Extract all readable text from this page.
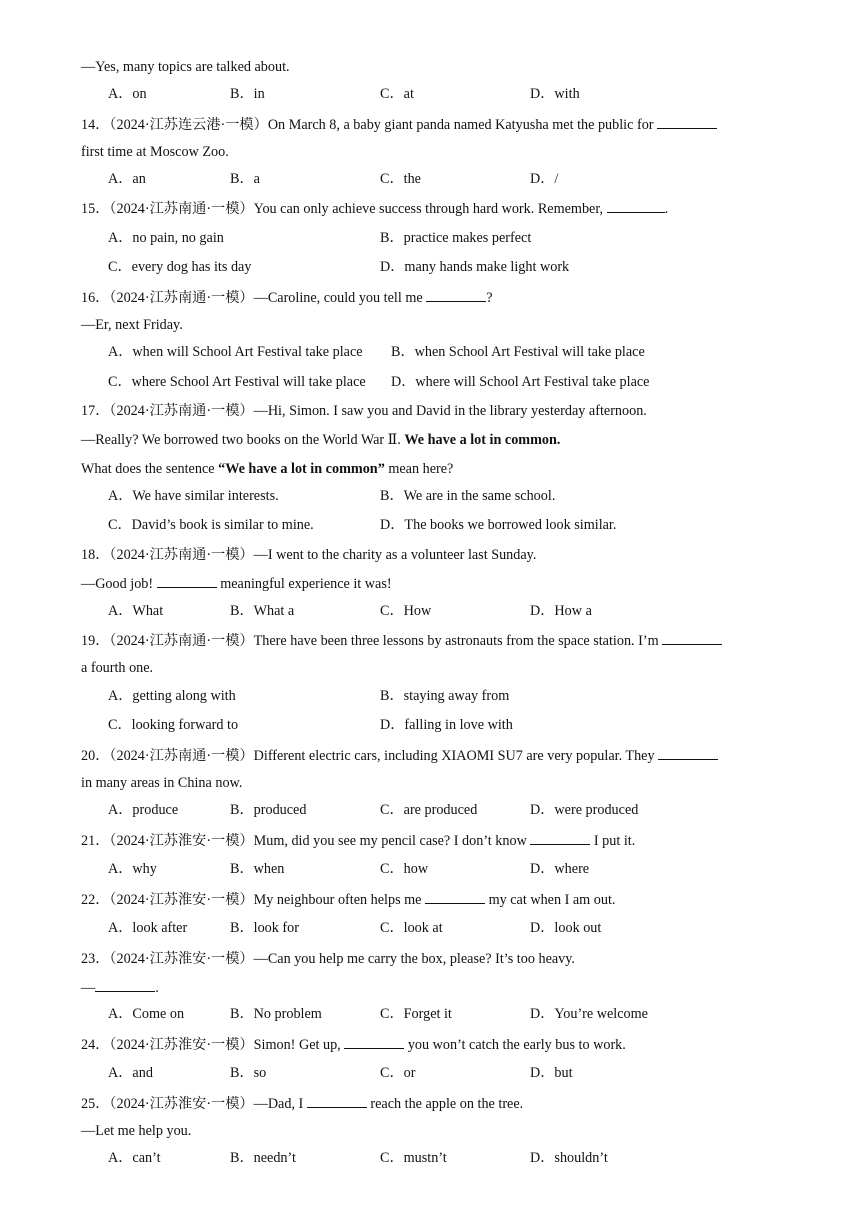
—Yes, many topics are talked about.
A．on	B．in	C．at	D．with
14．（2024·江苏连云港·一模）On March 8, a baby giant panda named Katyusha met the public for
first time at Moscow Zoo.
A．an	B．a	C．the	D．/
15．（2024·江苏南通·一模）You can only achieve success through hard work. Remember,	.
A．no pain, no gain	B．practice makes perfect
C．every dog has its day	D．many hands make light work
16．（2024·江苏南通·一模）—Caroline, could you tell me	?
—Er, next Friday.
A．when will School Art Festival take place B．when School Art Festival will take place
C．where School Art Festival will take place D．where will School Art Festival take place
17．（2024·江苏南通·一模）—Hi, Simon. I saw you and David in the library yesterday afternoon.
—Really? We borrowed two books on the World War Ⅱ. We have a lot in common.
What does the sentence “We have a lot in common” mean here?
A．We have similar interests.	B．We are in the same school.
C．David’s book is similar to mine.	D．The books we borrowed look similar.
18．（2024·江苏南通·一模）—I went to the charity as a volunteer last Sunday.
—Good job!	meaningful experience it was!
A．What	B．What a	C．How	D．How a
19．（2024·江苏南通·一模）There have been three lessons by astronauts from the space station. I’m
a fourth one.
A．getting along with	B．staying away from
C．looking forward to	D．falling in love with
20．（2024·江苏南通·一模）Different electric cars, including XIAOMI SU7 are very popular. They
in many areas in China now.
A．produce	B．produced	C．are produced	D．were produced
21．（2024·江苏淮安·一模）Mum, did you see my pencil case? I don’t know	I put it.
A．why	B．when	C．how	D．where
22．（2024·江苏淮安·一模）My neighbour often helps me	my cat when I am out.
A．look after	B．look for	C．look at	D．look out
23．（2024·江苏淮安·一模）—Can you help me carry the box, please? It’s too heavy.
—	.
A．Come on	B．No problem	C．Forget it	D．You’re welcome
24．（2024·江苏淮安·一模）Simon! Get up,	you won’t catch the early bus to work.
A．and	B．so	C．or	D．but
25．（2024·江苏淮安·一模）—Dad, I	reach the apple on the tree.
—Let me help you.
A．can’t	B．needn’t	C．mustn’t	D．shouldn’t
